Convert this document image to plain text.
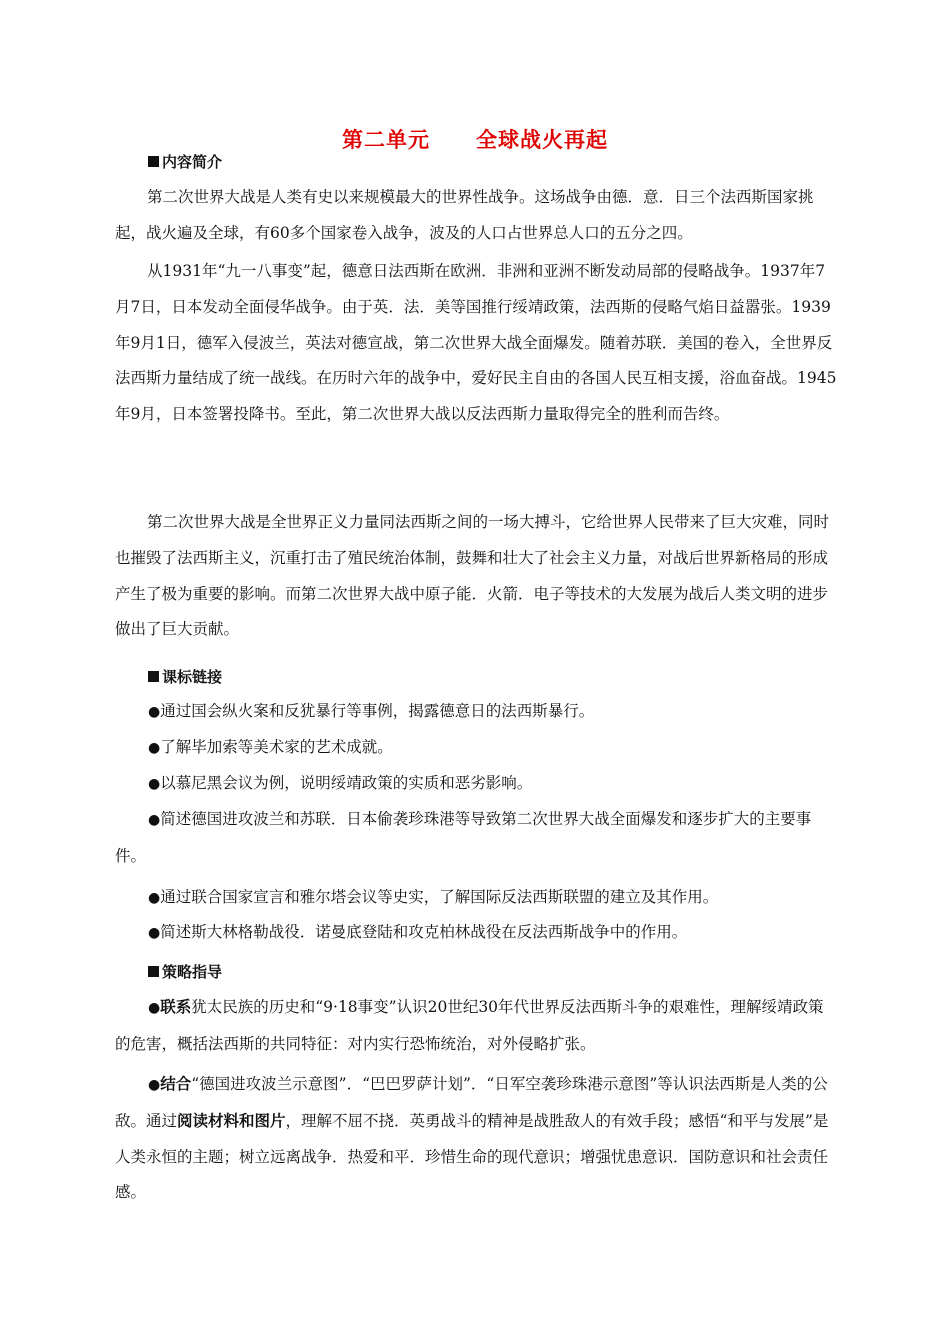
第二单元 全球战火再起
内容简介

第二次世界大战是人类有史以来规模最大的世界性战争。这场战争由德．意．日三个法西斯国家挑起，战火遍及全球，有60多个国家卷入战争，波及的人口占世界总人口的五分之四。

从1931年“九一八事变”起，德意日法西斯在欧洲．非洲和亚洲不断发动局部的侵略战争。1937年7月7日，日本发动全面侵华战争。由于英．法．美等国推行绥靖政策，法西斯的侵略气焰日益嚣张。1939年9月1日，德军入侵波兰，英法对德宣战，第二次世界大战全面爆发。随着苏联．美国的卷入，全世界反法西斯力量结成了统一战线。在历时六年的战争中，爱好民主自由的各国人民互相支援，浴血奋战。1945年9月，日本签署投降书。至此，第二次世界大战以反法西斯力量取得完全的胜利而告终。

第二次世界大战是全世界正义力量同法西斯之间的一场大搏斗，它给世界人民带来了巨大灾难，同时也摧毁了法西斯主义，沉重打击了殖民统治体制，鼓舞和壮大了社会主义力量，对战后世界新格局的形成产生了极为重要的影响。而第二次世界大战中原子能．火箭．电子等技术的大发展为战后人类文明的进步做出了巨大贡献。

课标链接

●通过国会纵火案和反犹暴行等事例，揭露德意日的法西斯暴行。

●了解毕加索等美术家的艺术成就。

●以慕尼黑会议为例，说明绥靖政策的实质和恶劣影响。

●简述德国进攻波兰和苏联．日本偷袭珍珠港等导致第二次世界大战全面爆发和逐步扩大的主要事件。

●通过联合国家宣言和雅尔塔会议等史实，了解国际反法西斯联盟的建立及其作用。

●简述斯大林格勒战役．诺曼底登陆和攻克柏林战役在反法西斯战争中的作用。

策略指导

●联系犹太民族的历史和“9·18事变”认识20世纪30年代世界反法西斯斗争的艰难性，理解绥靖政策的危害，概括法西斯的共同特征：对内实行恐怖统治，对外侵略扩张。

●结合“德国进攻波兰示意图”．“巴巴罗萨计划”．“日军空袭珍珠港示意图”等认识法西斯是人类的公敌。通过阅读材料和图片，理解不屈不挠．英勇战斗的精神是战胜敌人的有效手段；感悟“和平与发展”是人类永恒的主题；树立远离战争．热爱和平．珍惜生命的现代意识；增强忧患意识．国防意识和社会责任感。
